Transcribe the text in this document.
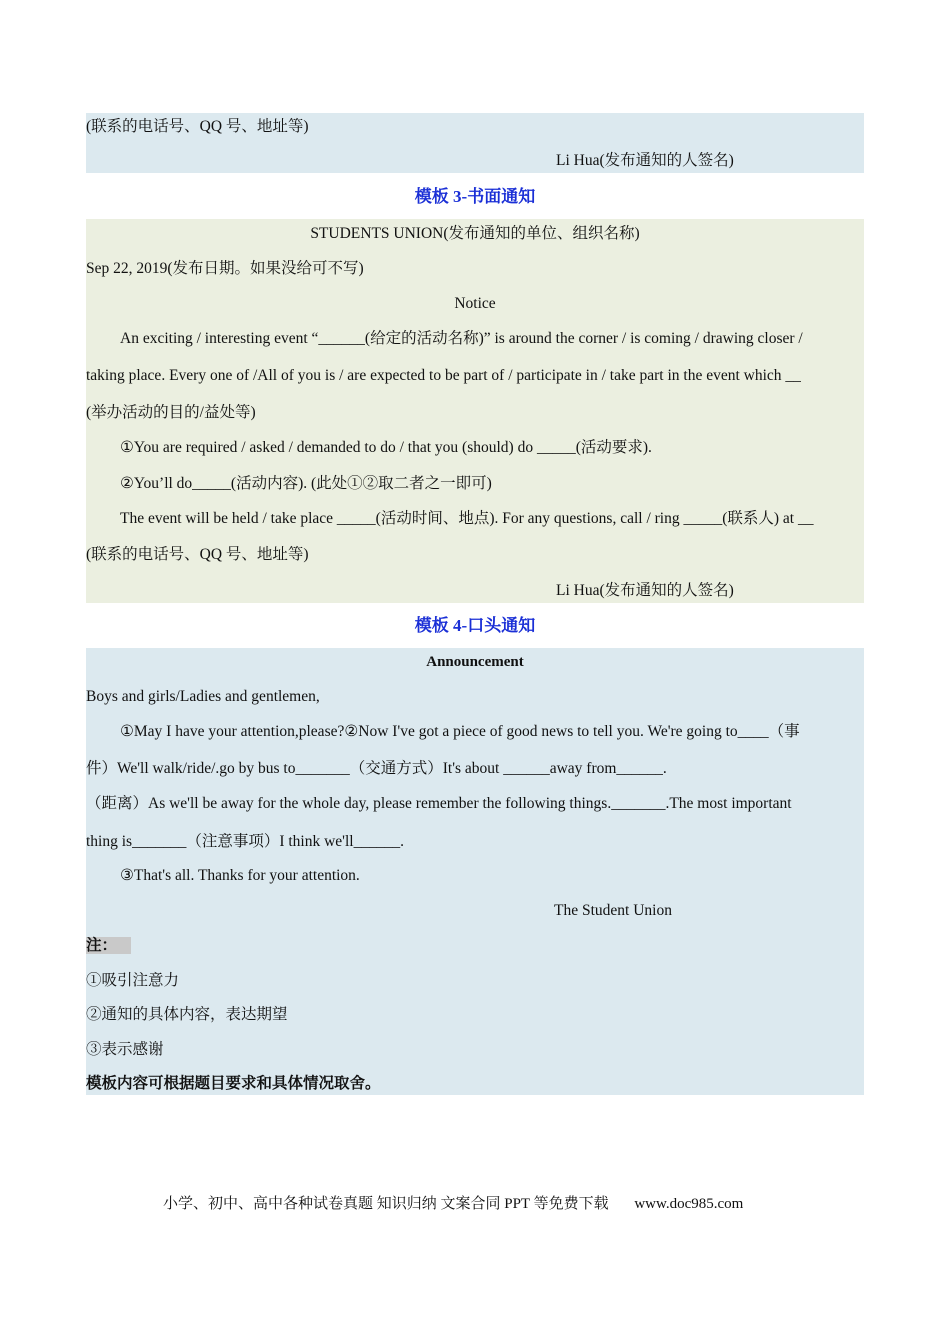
(联系的电话号、QQ 号、地址等)
Li Hua(发布通知的人签名)
模板 3-书面通知
STUDENTS UNION(发布通知的单位、组织名称)
Sep 22, 2019(发布日期。如果没给可不写)
Notice
An exciting / interesting event “______(给定的活动名称)” is around the corner / is coming / drawing closer /
taking place. Every one of /All of you is / are expected to be part of / participate in / take part in the event which __
(举办活动的目的/益处等)
①You are required / asked / demanded to do / that you (should) do _____(活动要求).
②You’ll do_____(活动内容). (此处①②取二者之一即可)
The event will be held / take place _____(活动时间、地点). For any questions, call / ring _____(联系人) at __
(联系的电话号、QQ 号、地址等)
Li Hua(发布通知的人签名)
模板 4-口头通知
Announcement
Boys and girls/Ladies and gentlemen,
①May I have your attention,please?②Now I've got a piece of good news to tell you. We're going to____（事
件）We'll walk/ride/.go by bus to_______（交通方式）It's about ______away from______.
（距离）As we'll be away for the whole day, please remember the following things._______.The most important
thing is_______（注意事项）I think we'll______.
③That's all. Thanks for your attention.
The Student Union
注：
①吸引注意力
②通知的具体内容，表达期望
③表示感谢
模板内容可根据题目要求和具体情况取舍。
小学、初中、高中各种试卷真题 知识归纳 文案合同 PPT 等免费下载 www.doc985.com
